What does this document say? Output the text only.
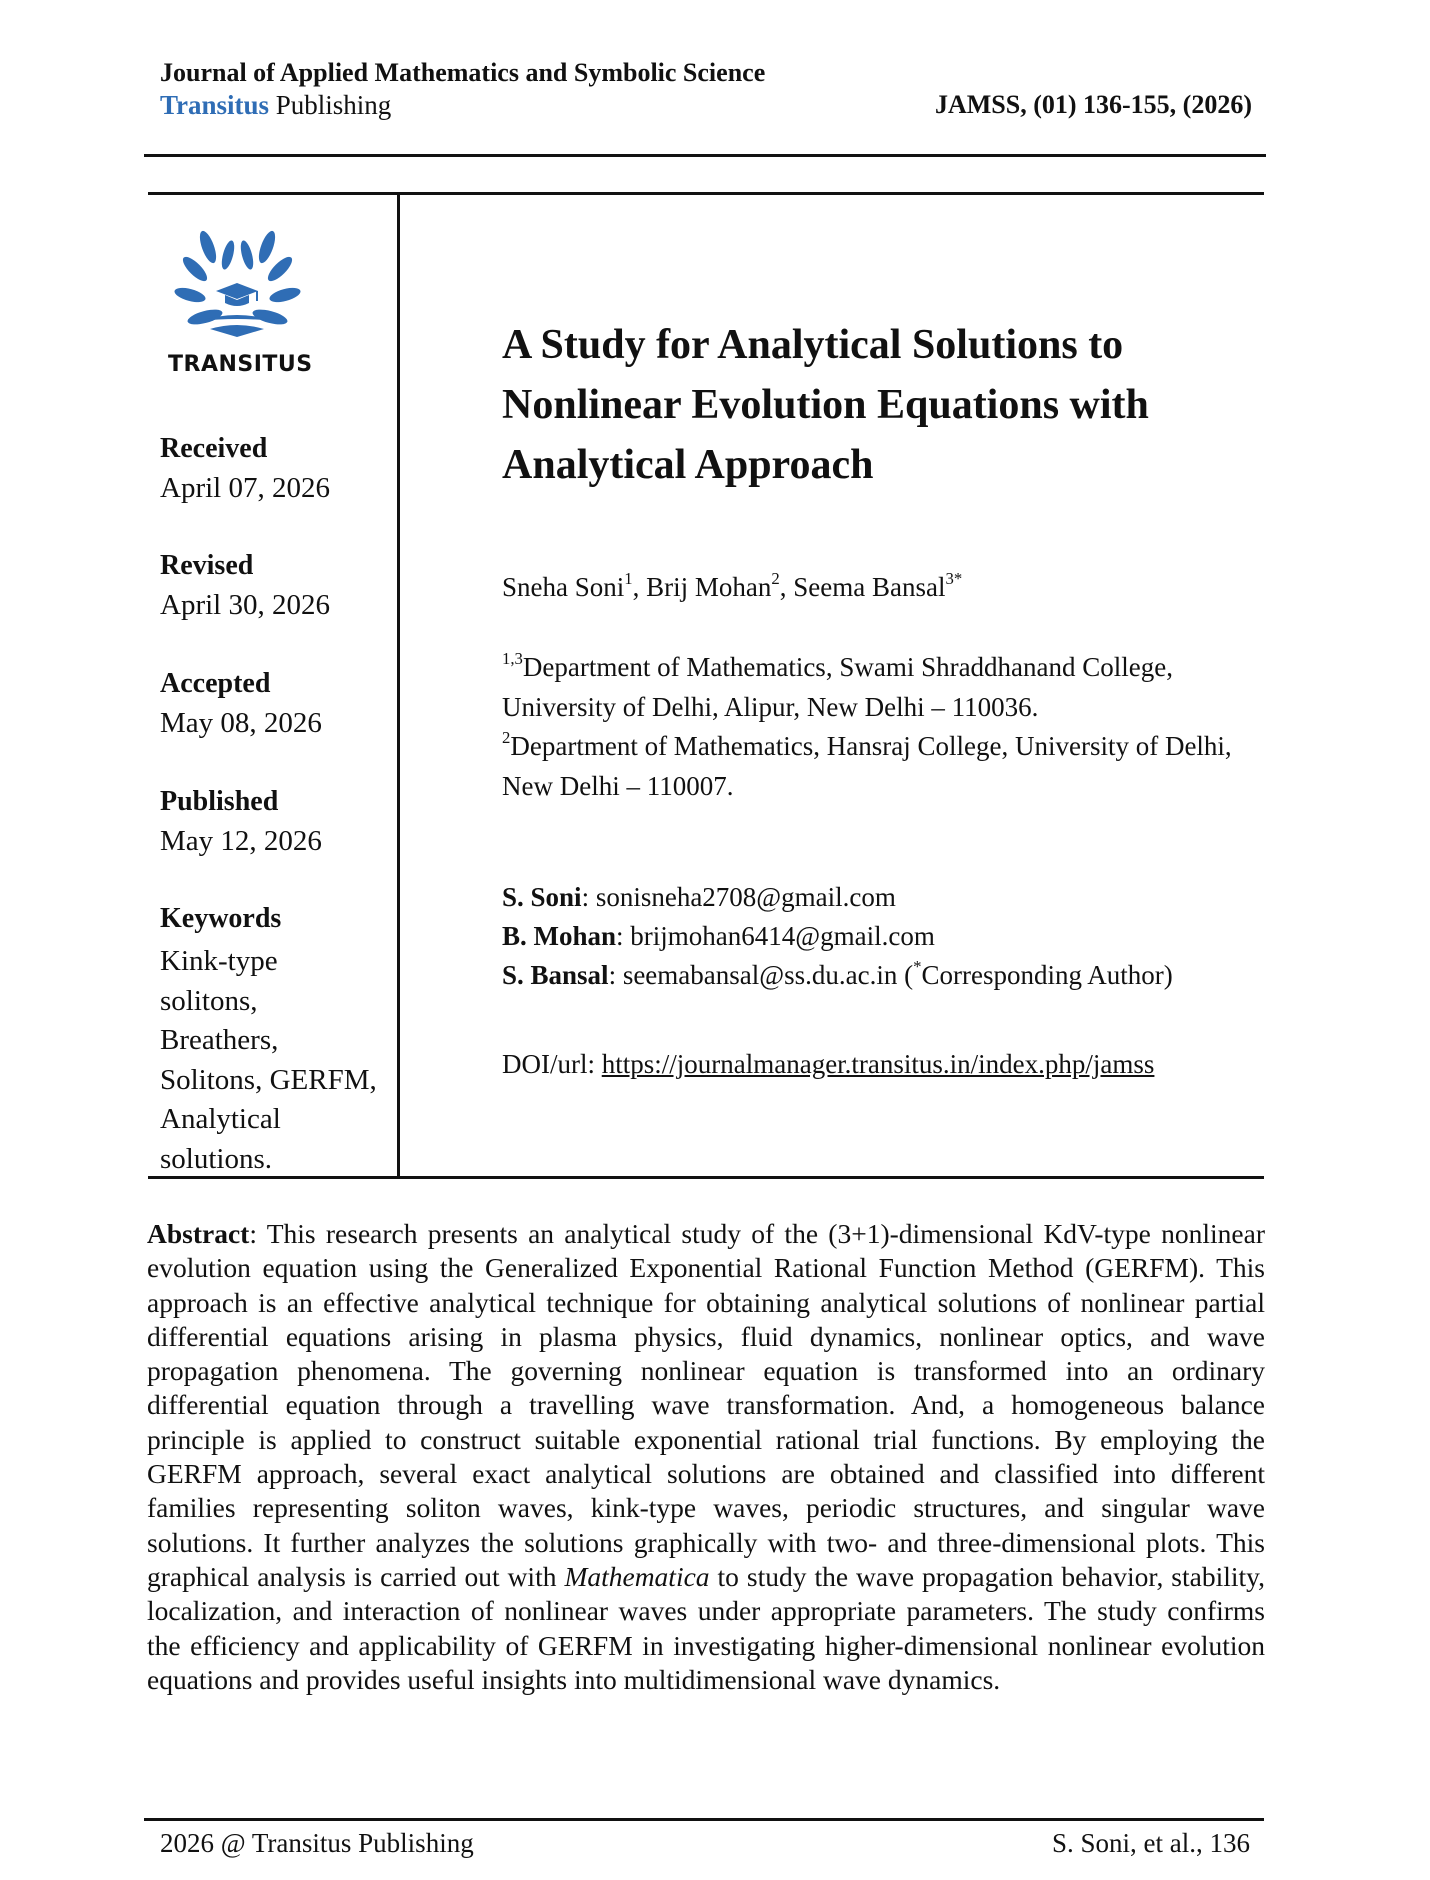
Journal of Applied Mathematics and Symbolic Science
Transitus Publishing	JAMSS, (01) 136-155, (2026)
TRANSITUS
Received
April 07, 2026
Revised
April 30, 2026
Accepted
May 08, 2026
Published
May 12, 2026
Keywords
Kink-type
solitons,
Breathers,
Solitons, GERFM,
Analytical
solutions.
A Study for Analytical Solutions to
Nonlinear Evolution Equations with
Analytical Approach
Sneha Soni$^1$, Brij Mohan$^2$, Seema Bansal$^{3*}$
$^{1,3}$Department of Mathematics, Swami Shraddhanand College, University of Delhi, Alipur, New Delhi – 110036.
$^2$Department of Mathematics, Hansraj College, University of Delhi, New Delhi – 110007.
S. Soni: sonisneha2708@gmail.com
B. Mohan: brijmohan6414@gmail.com
S. Bansal: seemabansal@ss.du.ac.in (*Corresponding Author)
DOI/url: https://journalmanager.transitus.in/index.php/jamss
Abstract: This research presents an analytical study of the (3+1)-dimensional KdV-type nonlinear evolution equation using the Generalized Exponential Rational Function Method (GERFM). This approach is an effective analytical technique for obtaining analytical solutions of nonlinear partial differential equations arising in plasma physics, fluid dynamics, nonlinear optics, and wave propagation phenomena. The governing nonlinear equation is transformed into an ordinary differential equation through a travelling wave transformation. And, a homogeneous balance principle is applied to construct suitable exponential rational trial functions. By employing the GERFM approach, several exact analytical solutions are obtained and classified into different families representing soliton waves, kink-type waves, periodic structures, and singular wave solutions. It further analyzes the solutions graphically with two- and three-dimensional plots. This graphical analysis is carried out with Mathematica to study the wave propagation behavior, stability, localization, and interaction of nonlinear waves under appropriate parameters. The study confirms the efficiency and applicability of GERFM in investigating higher-dimensional nonlinear evolution equations and provides useful insights into multidimensional wave dynamics.
2026 @ Transitus Publishing	S. Soni, et al., 136
